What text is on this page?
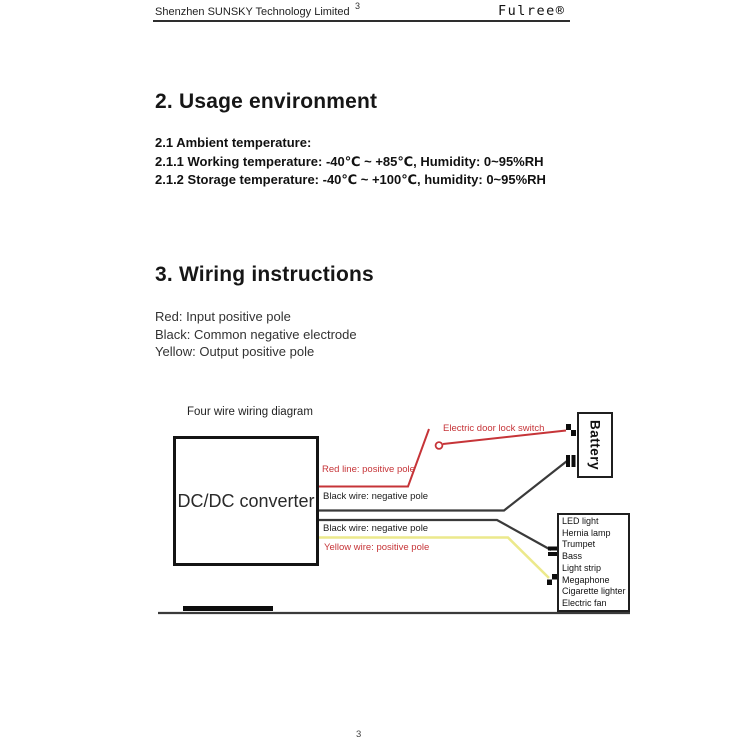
Shenzhen SUNSKY Technology Limited 3	Fulree®
2. Usage environment
2.1 Ambient temperature:
2.1.1 Working temperature: -40℃ ~ +85℃, Humidity: 0~95%RH
2.1.2 Storage temperature: -40℃ ~ +100℃, humidity: 0~95%RH
3. Wiring instructions
Red: Input positive pole
Black: Common negative electrode
Yellow: Output positive pole
Four wire wiring diagram
DC/DC converter
Battery
LED light
Hernia lamp
Trumpet
Bass
Light strip
Megaphone
Cigarette lighter
Electric fan
Red line: positive pole
Black wire: negative pole
Black wire: negative pole
Yellow wire: positive pole
Electric door lock switch
3
